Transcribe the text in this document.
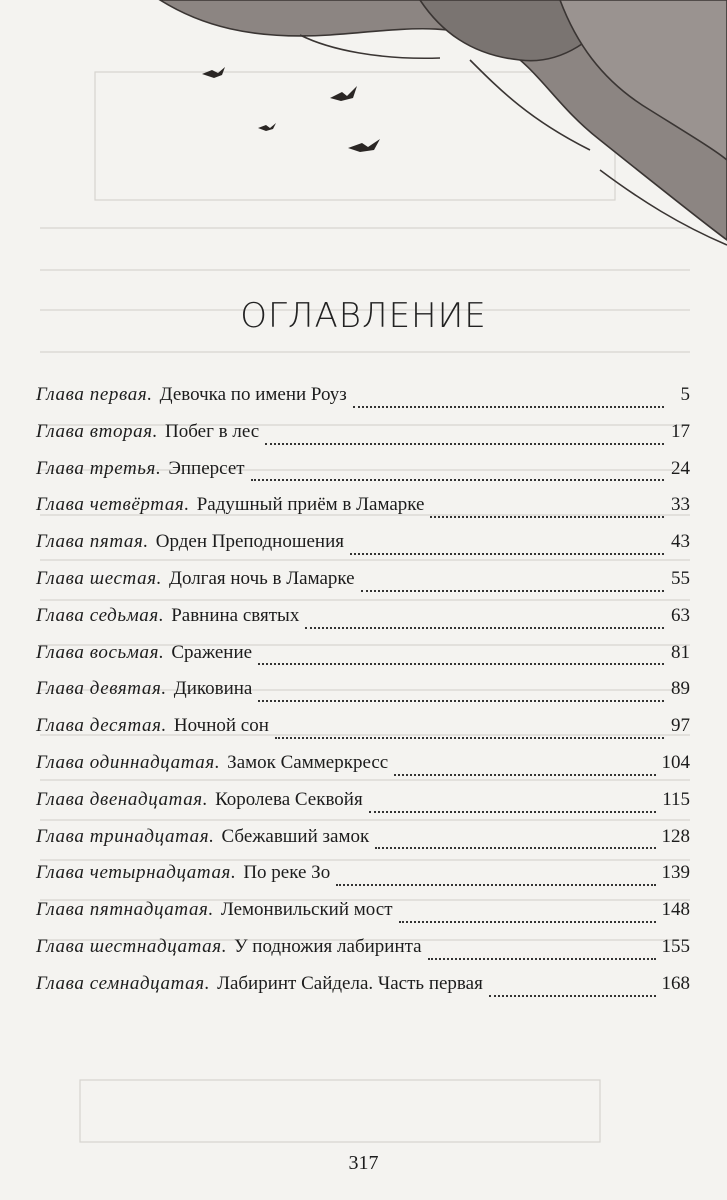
ОГЛАВЛЕНИЕ
Глава первая. Девочка по имени Роуз	5
Глава вторая. Побег в лес	17
Глава третья. Эпперсет	24
Глава четвёртая. Радушный приём в Ламарке	33
Глава пятая. Орден Преподношения	43
Глава шестая. Долгая ночь в Ламарке	55
Глава седьмая. Равнина святых	63
Глава восьмая. Сражение	81
Глава девятая. Диковина	89
Глава десятая. Ночной сон	97
Глава одиннадцатая. Замок Саммеркресс	104
Глава двенадцатая. Королева Секвойя	115
Глава тринадцатая. Сбежавший замок	128
Глава четырнадцатая. По реке Зо	139
Глава пятнадцатая. Лемонвильский мост	148
Глава шестнадцатая. У подножия лабиринта	155
Глава семнадцатая. Лабиринт Сайдела. Часть первая	168
317
